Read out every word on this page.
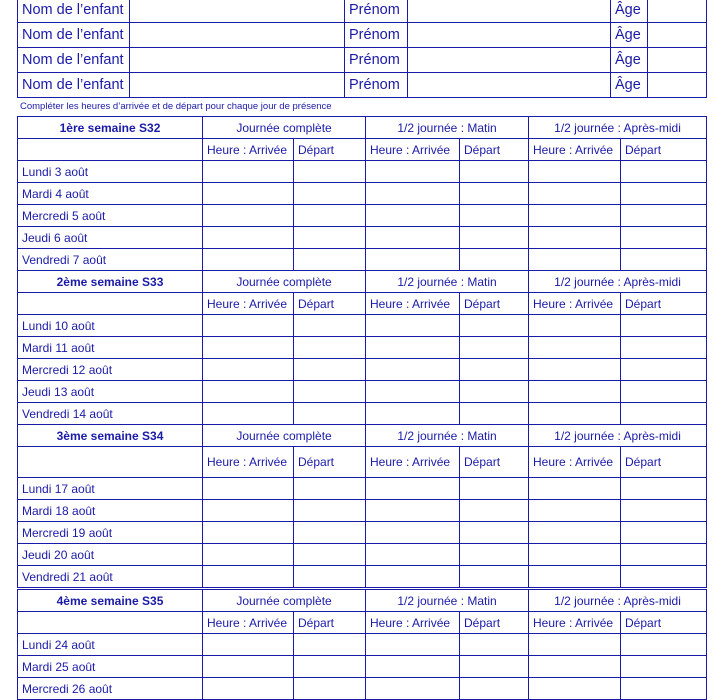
Nom de l’enfant		Prénom		Âge	
Nom de l’enfant		Prénom		Âge	
Nom de l’enfant		Prénom		Âge	
Nom de l’enfant		Prénom		Âge	
Compléter les heures d’arrivée et de départ pour chaque jour de présence
1ère semaine S32	Journée complète		1/2 journée : Matin		1/2 journée : Après-midi	
	Heure : Arrivée	Départ	Heure : Arrivée	Départ	Heure : Arrivée	Départ
Lundi 3 août						
Mardi 4 août						
Mercredi 5 août						
Jeudi 6 août						
Vendredi 7 août						
2ème semaine S33	Journée complète		1/2 journée : Matin		1/2 journée : Après-midi	
	Heure : Arrivée	Départ	Heure : Arrivée	Départ	Heure : Arrivée	Départ
Lundi 10 août						
Mardi 11 août						
Mercredi 12 août						
Jeudi 13 août						
Vendredi 14 août						
3ème semaine S34	Journée complète		1/2 journée : Matin		1/2 journée : Après-midi	
	Heure : Arrivée	Départ	Heure : Arrivée	Départ	Heure : Arrivée	Départ
Lundi 17 août						
Mardi 18 août						
Mercredi 19 août						
Jeudi 20 août						
Vendredi 21 août						
4ème semaine S35	Journée complète		1/2 journée : Matin		1/2 journée : Après-midi	
	Heure : Arrivée	Départ	Heure : Arrivée	Départ	Heure : Arrivée	Départ
Lundi 24 août						
Mardi 25 août						
Mercredi 26 août						
